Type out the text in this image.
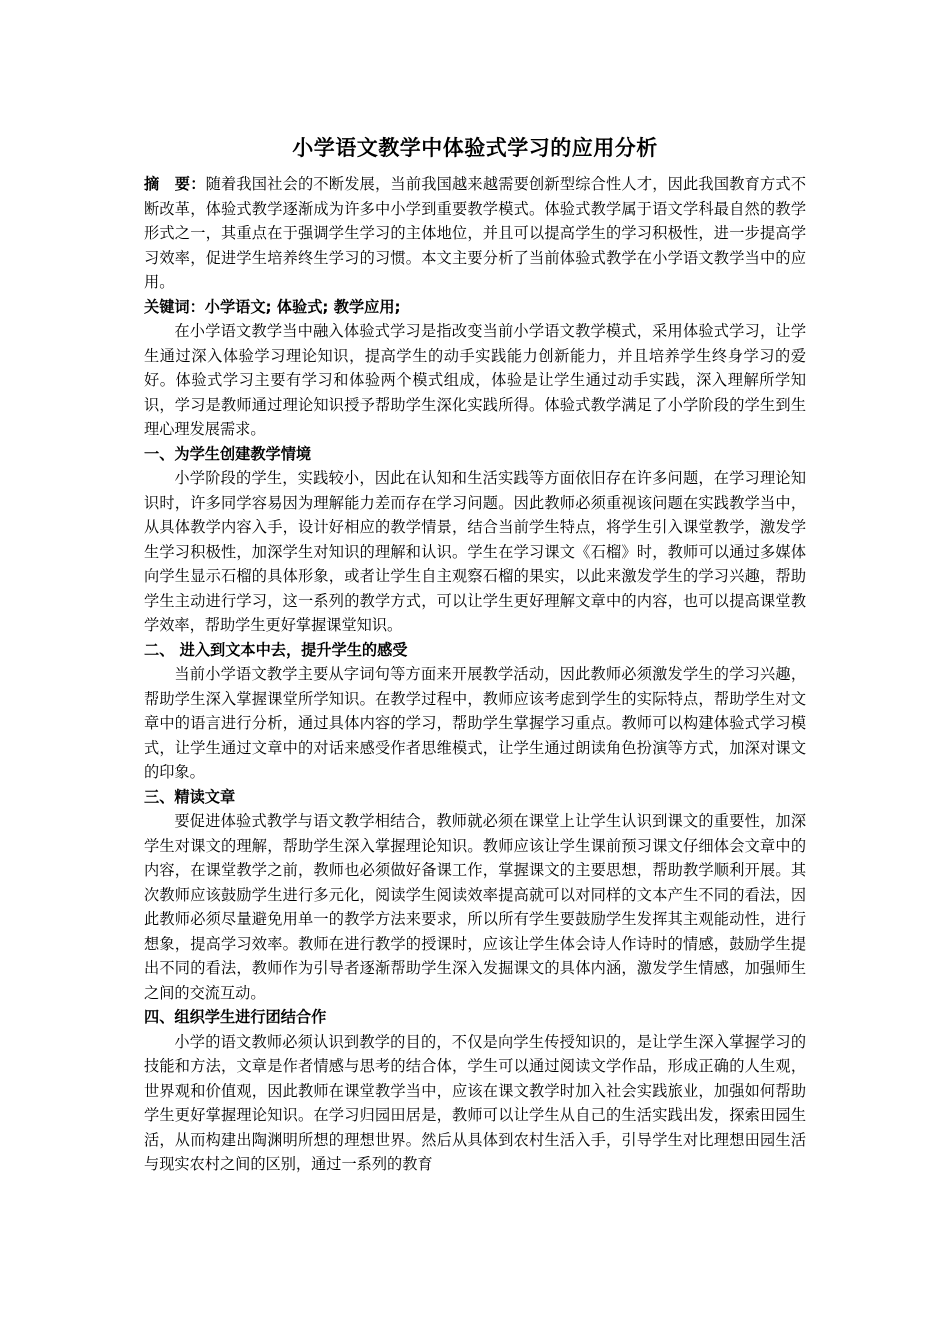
小学语文教学中体验式学习的应用分析

摘　要：随着我国社会的不断发展，当前我国越来越需要创新型综合性人才，因此我国教育方式不断改革，体验式教学逐渐成为许多中小学到重要教学模式。体验式教学属于语文学科最自然的教学形式之一，其重点在于强调学生学习的主体地位，并且可以提高学生的学习积极性，进一步提高学习效率，促进学生培养终生学习的习惯。本文主要分析了当前体验式教学在小学语文教学当中的应用。

关键词：小学语文; 体验式; 教学应用;

在小学语文教学当中融入体验式学习是指改变当前小学语文教学模式，采用体验式学习，让学生通过深入体验学习理论知识，提高学生的动手实践能力创新能力，并且培养学生终身学习的爱好。体验式学习主要有学习和体验两个模式组成，体验是让学生通过动手实践，深入理解所学知识，学习是教师通过理论知识授予帮助学生深化实践所得。体验式教学满足了小学阶段的学生到生理心理发展需求。

一、为学生创建教学情境

小学阶段的学生，实践较小，因此在认知和生活实践等方面依旧存在许多问题，在学习理论知识时，许多同学容易因为理解能力差而存在学习问题。因此教师必须重视该问题在实践教学当中，从具体教学内容入手，设计好相应的教学情景，结合当前学生特点，将学生引入课堂教学，激发学生学习积极性，加深学生对知识的理解和认识。学生在学习课文《石榴》时，教师可以通过多媒体向学生显示石榴的具体形象，或者让学生自主观察石榴的果实，以此来激发学生的学习兴趣，帮助学生主动进行学习，这一系列的教学方式，可以让学生更好理解文章中的内容，也可以提高课堂教学效率，帮助学生更好掌握课堂知识。

二、 进入到文本中去，提升学生的感受

当前小学语文教学主要从字词句等方面来开展教学活动，因此教师必须激发学生的学习兴趣，帮助学生深入掌握课堂所学知识。在教学过程中，教师应该考虑到学生的实际特点，帮助学生对文章中的语言进行分析，通过具体内容的学习，帮助学生掌握学习重点。教师可以构建体验式学习模式，让学生通过文章中的对话来感受作者思维模式，让学生通过朗读角色扮演等方式，加深对课文的印象。

三、精读文章

要促进体验式教学与语文教学相结合，教师就必须在课堂上让学生认识到课文的重要性，加深学生对课文的理解，帮助学生深入掌握理论知识。教师应该让学生课前预习课文仔细体会文章中的内容，在课堂教学之前，教师也必须做好备课工作，掌握课文的主要思想，帮助教学顺利开展。其次教师应该鼓励学生进行多元化，阅读学生阅读效率提高就可以对同样的文本产生不同的看法，因此教师必须尽量避免用单一的教学方法来要求，所以所有学生要鼓励学生发挥其主观能动性，进行想象，提高学习效率。教师在进行教学的授课时，应该让学生体会诗人作诗时的情感，鼓励学生提出不同的看法，教师作为引导者逐渐帮助学生深入发掘课文的具体内涵，激发学生情感，加强师生之间的交流互动。

四、组织学生进行团结合作

小学的语文教师必须认识到教学的目的，不仅是向学生传授知识的，是让学生深入掌握学习的技能和方法，文章是作者情感与思考的结合体，学生可以通过阅读文学作品，形成正确的人生观，世界观和价值观，因此教师在课堂教学当中，应该在课文教学时加入社会实践旅业，加强如何帮助学生更好掌握理论知识。在学习归园田居是，教师可以让学生从自己的生活实践出发，探索田园生活，从而构建出陶渊明所想的理想世界。然后从具体到农村生活入手，引导学生对比理想田园生活与现实农村之间的区别，通过一系列的教育
